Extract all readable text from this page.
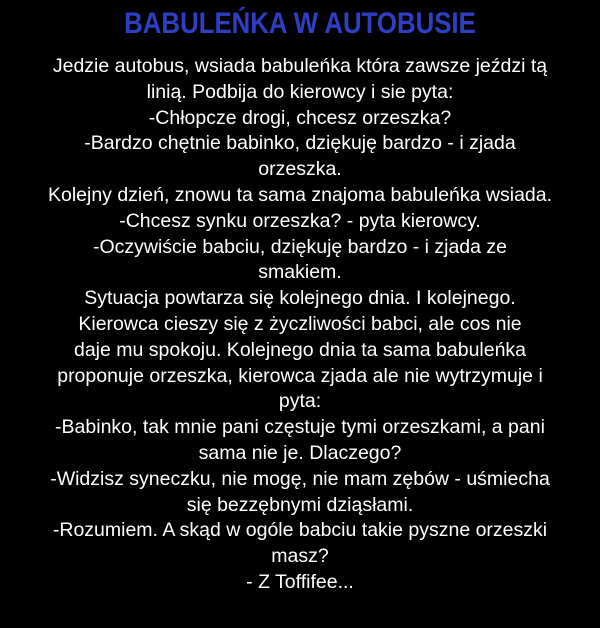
BABULEŃKA W AUTOBUSIE
Jedzie autobus, wsiada babuleńka która zawsze jeździ tą
linią. Podbija do kierowcy i sie pyta:
-Chłopcze drogi, chcesz orzeszka?
-Bardzo chętnie babinko, dziękuję bardzo - i zjada
orzeszka.
Kolejny dzień, znowu ta sama znajoma babuleńka wsiada.
-Chcesz synku orzeszka? - pyta kierowcy.
-Oczywiście babciu, dziękuję bardzo - i zjada ze
smakiem.
Sytuacja powtarza się kolejnego dnia. I kolejnego.
Kierowca cieszy się z życzliwości babci, ale cos nie
daje mu spokoju. Kolejnego dnia ta sama babuleńka
proponuje orzeszka, kierowca zjada ale nie wytrzymuje i
pyta:
-Babinko, tak mnie pani częstuje tymi orzeszkami, a pani
sama nie je. Dlaczego?
-Widzisz syneczku, nie mogę, nie mam zębów - uśmiecha
się bezzębnymi dziąsłami.
-Rozumiem. A skąd w ogóle babciu takie pyszne orzeszki
masz?
- Z Toffifee...
